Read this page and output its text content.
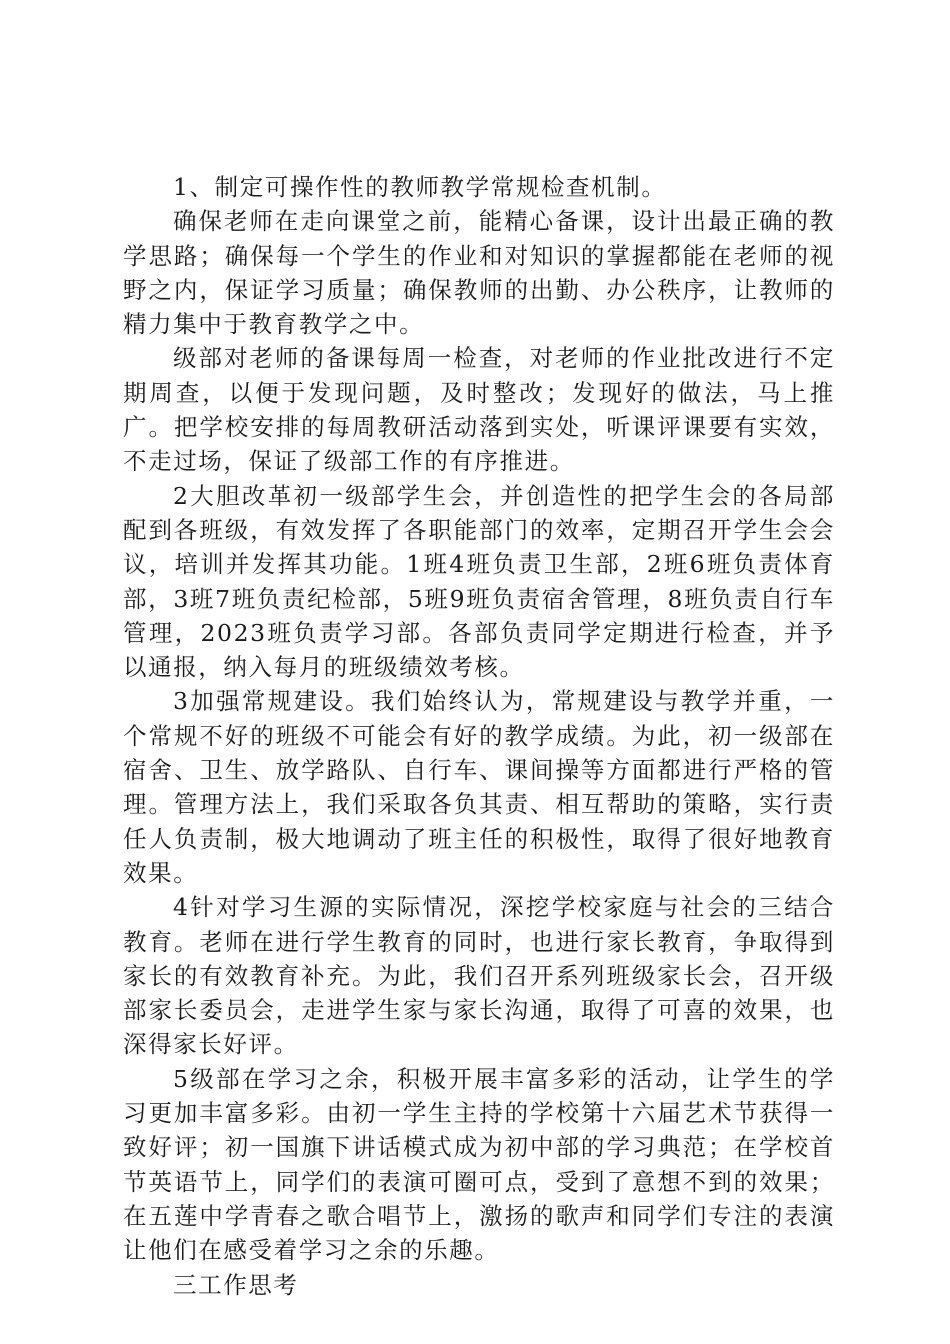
1、制定可操作性的教师教学常规检查机制。

确保老师在走向课堂之前，能精心备课，设计出最正确的教学思路；确保每一个学生的作业和对知识的掌握都能在老师的视野之内，保证学习质量；确保教师的出勤、办公秩序，让教师的精力集中于教育教学之中。

级部对老师的备课每周一检查，对老师的作业批改进行不定期周查，以便于发现问题，及时整改；发现好的做法，马上推广。把学校安排的每周教研活动落到实处，听课评课要有实效，不走过场，保证了级部工作的有序推进。

2大胆改革初一级部学生会，并创造性的把学生会的各局部配到各班级，有效发挥了各职能部门的效率，定期召开学生会会议，培训并发挥其功能。1班4班负责卫生部，2班6班负责体育部，3班7班负责纪检部，5班9班负责宿舍管理，8班负责自行车管理，2023班负责学习部。各部负责同学定期进行检查，并予以通报，纳入每月的班级绩效考核。

3加强常规建设。我们始终认为，常规建设与教学并重，一个常规不好的班级不可能会有好的教学成绩。为此，初一级部在宿舍、卫生、放学路队、自行车、课间操等方面都进行严格的管理。管理方法上，我们采取各负其责、相互帮助的策略，实行责任人负责制，极大地调动了班主任的积极性，取得了很好地教育效果。

4针对学习生源的实际情况，深挖学校家庭与社会的三结合教育。老师在进行学生教育的同时，也进行家长教育，争取得到家长的有效教育补充。为此，我们召开系列班级家长会，召开级部家长委员会，走进学生家与家长沟通，取得了可喜的效果，也深得家长好评。

5级部在学习之余，积极开展丰富多彩的活动，让学生的学习更加丰富多彩。由初一学生主持的学校第十六届艺术节获得一致好评；初一国旗下讲话模式成为初中部的学习典范；在学校首节英语节上，同学们的表演可圈可点，受到了意想不到的效果；在五莲中学青春之歌合唱节上，激扬的歌声和同学们专注的表演让他们在感受着学习之余的乐趣。

三工作思考
